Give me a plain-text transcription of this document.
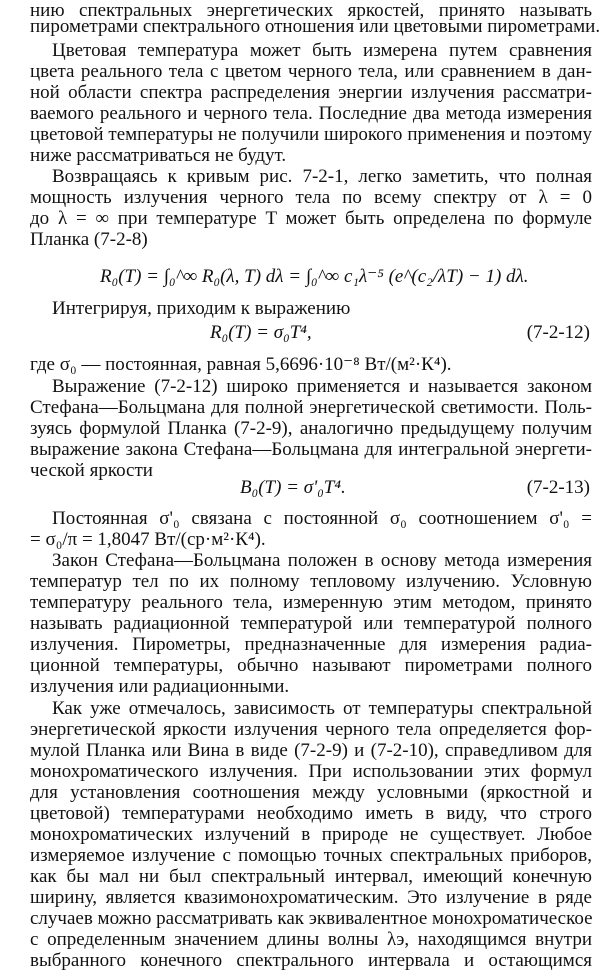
нию спектральных энергетических яркостей, принято называть
пирометрами спектрального отношения или цветовыми пирометрами.
Цветовая температура может быть измерена путем сравнения
цвета реального тела с цветом черного тела, или сравнением в дан-
ной области спектра распределения энергии излучения рассматри-
ваемого реального и черного тела. Последние два метода измерения
цветовой температуры не получили широкого применения и поэтому
ниже рассматриваться не будут.
Возвращаясь к кривым рис. 7-2-1, легко заметить, что полная
мощность излучения черного тела по всему спектру от λ = 0
до λ = ∞ при температуре T может быть определена по формуле
Планка (7-2-8)
R₀(T) = ∫₀^∞ R₀(λ, T) dλ = ∫₀^∞ c₁λ⁻⁵ (e^(c₂/λT) − 1) dλ.
Интегрируя, приходим к выражению
R₀(T) = σ₀T⁴,	(7-2-12)
где σ₀ — постоянная, равная 5,6696·10⁻⁸ Вт/(м²·К⁴).
Выражение (7-2-12) широко применяется и называется законом
Стефана—Больцмана для полной энергетической светимости. Поль-
зуясь формулой Планка (7-2-9), аналогично предыдущему получим
выражение закона Стефана—Больцмана для интегральной энергети-
ческой яркости
B₀(T) = σ'₀T⁴.	(7-2-13)
Постоянная σ'₀ связана с постоянной σ₀ соотношением σ'₀ =
= σ₀/π = 1,8047 Вт/(ср·м²·К⁴).
Закон Стефана—Больцмана положен в основу метода измерения
температур тел по их полному тепловому излучению. Условную
температуру реального тела, измеренную этим методом, принято
называть радиационной температурой или температурой полного
излучения. Пирометры, предназначенные для измерения радиа-
ционной температуры, обычно называют пирометрами полного
излучения или радиационными.
Как уже отмечалось, зависимость от температуры спектральной
энергетической яркости излучения черного тела определяется фор-
мулой Планка или Вина в виде (7-2-9) и (7-2-10), справедливом для
монохроматического излучения. При использовании этих формул
для установления соотношения между условными (яркостной и
цветовой) температурами необходимо иметь в виду, что строго
монохроматических излучений в природе не существует. Любое
измеряемое излучение с помощью точных спектральных приборов,
как бы мал ни был спектральный интервал, имеющий конечную
ширину, является квазимонохроматическим. Это излучение в ряде
случаев можно рассматривать как эквивалентное монохроматическое
с определенным значением длины волны λэ, находящимся внутри
выбранного конечного спектрального интервала и остающимся
